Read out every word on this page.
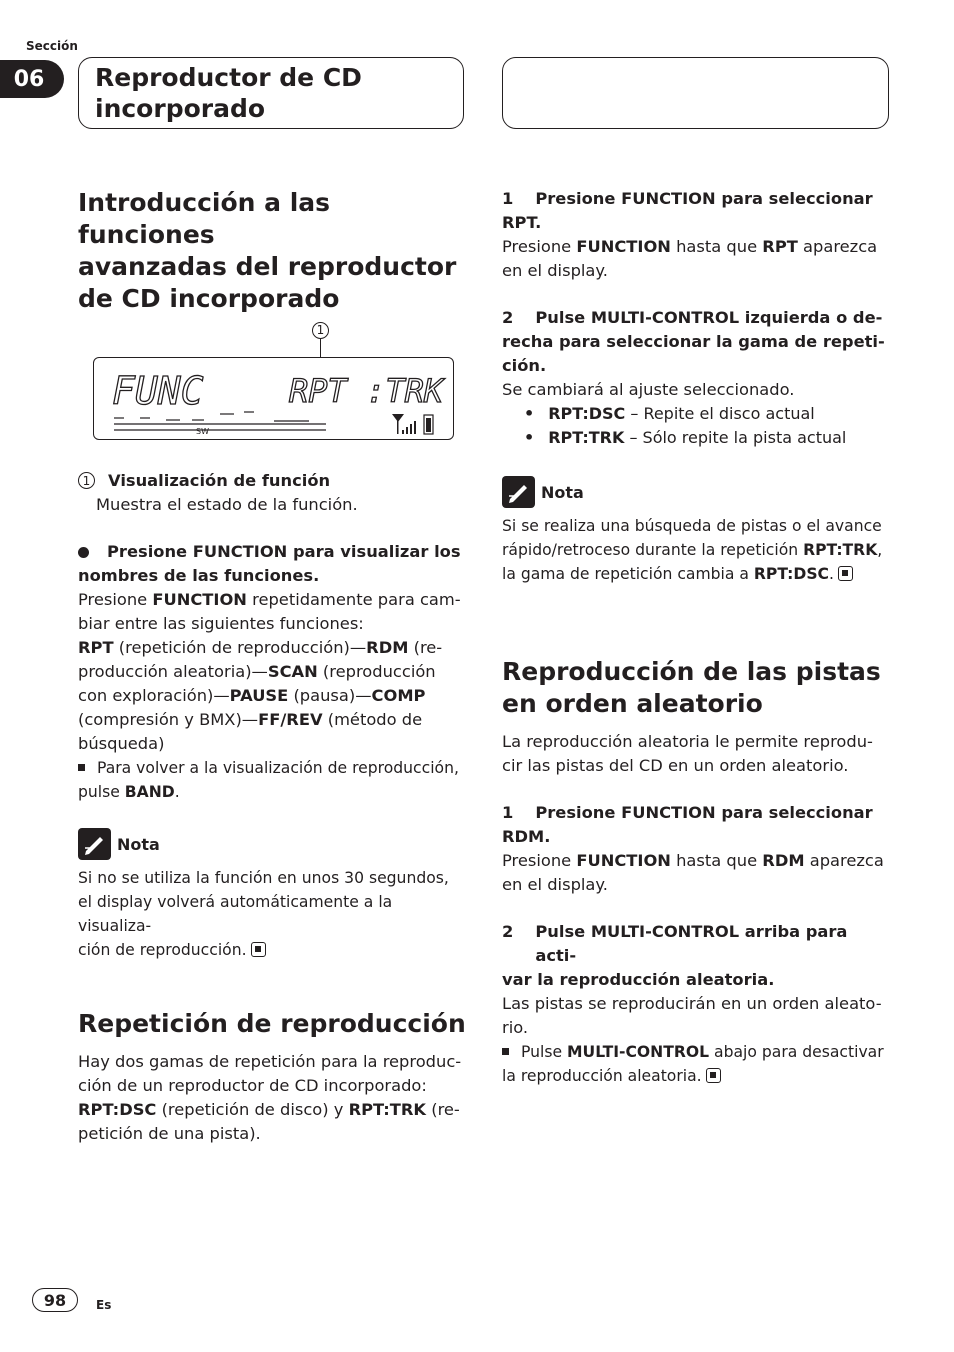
Sección
06	Reproductor de CD
incorporado
Introducción a las funciones
avanzadas del reproductor
de CD incorporado
1
FUNC	RPT :TRK
SW
1 Visualización de función
Muestra el estado de la función.
Presione FUNCTION para visualizar los
nombres de las funciones.
Presione FUNCTION repetidamente para cam-
biar entre las siguientes funciones:
RPT (repetición de reproducción)—RDM (re-
producción aleatoria)—SCAN (reproducción
con exploración)—PAUSE (pausa)—COMP
(compresión y BMX)—FF/REV (método de
búsqueda)
Para volver a la visualización de reproducción,
pulse BAND.
Nota
Si no se utiliza la función en unos 30 segundos,
el display volverá automáticamente a la visualiza-
ción de reproducción.
Repetición de reproducción
Hay dos gamas de repetición para la reproduc-
ción de un reproductor de CD incorporado:
RPT:DSC (repetición de disco) y RPT:TRK (re-
petición de una pista).
1 Presione FUNCTION para seleccionar
RPT.
Presione FUNCTION hasta que RPT aparezca
en el display.
2 Pulse MULTI-CONTROL izquierda o de-
recha para seleccionar la gama de repeti-
ción.
Se cambiará al ajuste seleccionado.
• RPT:DSC – Repite el disco actual
• RPT:TRK – Sólo repite la pista actual
Nota
Si se realiza una búsqueda de pistas o el avance
rápido/retroceso durante la repetición RPT:TRK,
la gama de repetición cambia a RPT:DSC.
Reproducción de las pistas
en orden aleatorio
La reproducción aleatoria le permite reprodu-
cir las pistas del CD en un orden aleatorio.
1 Presione FUNCTION para seleccionar
RDM.
Presione FUNCTION hasta que RDM aparezca
en el display.
2 Pulse MULTI-CONTROL arriba para acti-
var la reproducción aleatoria.
Las pistas se reproducirán en un orden aleato-
rio.
Pulse MULTI-CONTROL abajo para desactivar
la reproducción aleatoria.
98	Es
